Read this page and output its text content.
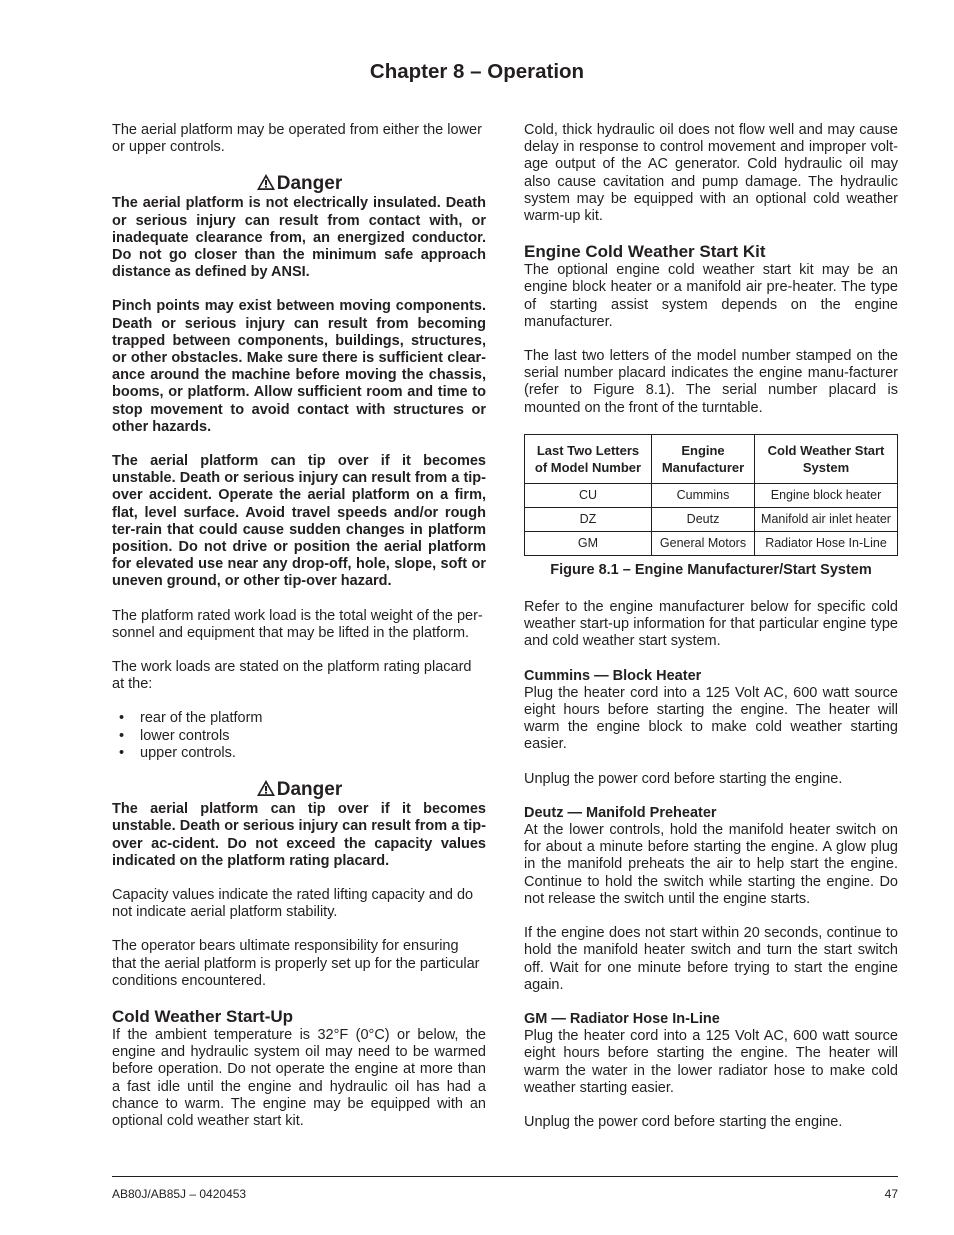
Chapter 8 – Operation

The aerial platform may be operated from either the lower or upper controls.

Danger

The aerial platform is not electrically insulated. Death or serious injury can result from contact with, or inadequate clearance from, an energized conductor. Do not go closer than the minimum safe approach distance as defined by ANSI.

Pinch points may exist between moving components. Death or serious injury can result from becoming trapped between components, buildings, structures, or other obstacles. Make sure there is sufficient clear-ance around the machine before moving the chassis, booms, or platform. Allow sufficient room and time to stop movement to avoid contact with structures or other hazards.

The aerial platform can tip over if it becomes unstable. Death or serious injury can result from a tip-over accident. Operate the aerial platform on a firm, flat, level surface. Avoid travel speeds and/or rough ter-rain that could cause sudden changes in platform position. Do not drive or position the aerial platform for elevated use near any drop-off, hole, slope, soft or uneven ground, or other tip-over hazard.

The platform rated work load is the total weight of the per-sonnel and equipment that may be lifted in the platform.

The work loads are stated on the platform rating placard at the:

• rear of the platform
• lower controls
• upper controls.
Danger

The aerial platform can tip over if it becomes unstable. Death or serious injury can result from a tip-over ac-cident. Do not exceed the capacity values indicated on the platform rating placard.

Capacity values indicate the rated lifting capacity and do not indicate aerial platform stability.

The operator bears ultimate responsibility for ensuring that the aerial platform is properly set up for the particular conditions encountered.

Cold Weather Start-Up

If the ambient temperature is 32°F (0°C) or below, the engine and hydraulic system oil may need to be warmed before operation. Do not operate the engine at more than a fast idle until the engine and hydraulic oil has had a chance to warm. The engine may be equipped with an optional cold weather start kit.

Cold, thick hydraulic oil does not flow well and may cause delay in response to control movement and improper volt-age output of the AC generator. Cold hydraulic oil may also cause cavitation and pump damage. The hydraulic system may be equipped with an optional cold weather warm-up kit.

Engine Cold Weather Start Kit

The optional engine cold weather start kit may be an engine block heater or a manifold air pre-heater. The type of starting assist system depends on the engine manufacturer.

The last two letters of the model number stamped on the serial number placard indicates the engine manu-facturer (refer to Figure 8.1). The serial number placard is mounted on the front of the turntable.

Last Two Letters of Model Number	Engine Manufacturer	Cold Weather Start System
CU	Cummins	Engine block heater
DZ	Deutz	Manifold air inlet heater
GM	General Motors	Radiator Hose In-Line
Figure 8.1 – Engine Manufacturer/Start System

Refer to the engine manufacturer below for specific cold weather start-up information for that particular engine type and cold weather start system.

Cummins — Block Heater

Plug the heater cord into a 125 Volt AC, 600 watt source eight hours before starting the engine. The heater will warm the engine block to make cold weather starting easier.

Unplug the power cord before starting the engine.

Deutz — Manifold Preheater

At the lower controls, hold the manifold heater switch on for about a minute before starting the engine. A glow plug in the manifold preheats the air to help start the engine. Continue to hold the switch while starting the engine. Do not release the switch until the engine starts.

If the engine does not start within 20 seconds, continue to hold the manifold heater switch and turn the start switch off. Wait for one minute before trying to start the engine again.

GM — Radiator Hose In-Line

Plug the heater cord into a 125 Volt AC, 600 watt source eight hours before starting the engine. The heater will warm the water in the lower radiator hose to make cold weather starting easier.

Unplug the power cord before starting the engine.

AB80J/AB85J – 0420453	47
